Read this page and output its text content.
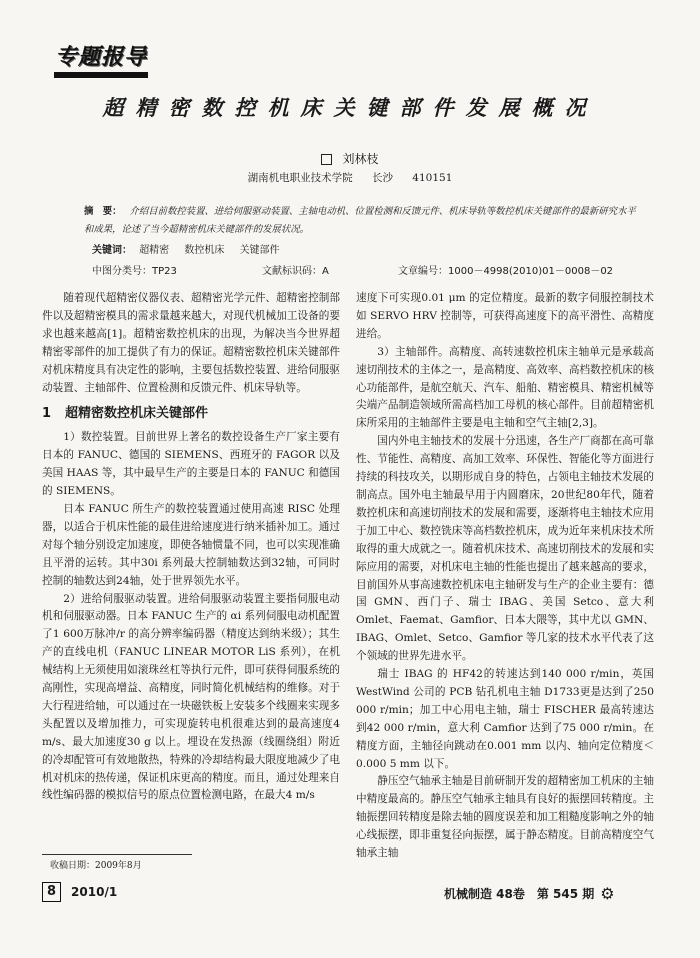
专题报导
超精密数控机床关键部件发展概况
刘林枝
湖南机电职业技术学院 长沙 410151
摘　要： 介绍目前数控装置、进给伺服驱动装置、主轴电动机、位置检测和反馈元件、机床导轨等数控机床关键部件的最新研究水平和成果，论述了当今超精密机床关键部件的发展状况。
关键词： 超精密 数控机床 关键部件
中图分类号：TP23	文献标识码：A	文章编号：1000－4998(2010)01－0008－02

随着现代超精密仪器仪表、超精密光学元件、超精密控制部件以及超精密模具的需求量越来越大，对现代机械加工设备的要求也越来越高[1]。超精密数控机床的出现，为解决当今世界超精密零部件的加工提供了有力的保证。超精密数控机床关键部件对机床精度具有决定性的影响，主要包括数控装置、进给伺服驱动装置、主轴部件、位置检测和反馈元件、机床导轨等。

1 超精密数控机床关键部件

1）数控装置。目前世界上著名的数控设备生产厂家主要有日本的 FANUC、德国的 SIEMENS、西班牙的 FAGOR 以及美国 HAAS 等，其中最早生产的主要是日本的 FANUC 和德国的 SIEMENS。

日本 FANUC 所生产的数控装置通过使用高速 RISC 处理器，以适合于机床性能的最佳进给速度进行纳米插补加工。通过对每个轴分别设定加速度，即使各轴惯量不同，也可以实现准确且平滑的运转。其中30i 系列最大控制轴数达到32轴，可同时控制的轴数达到24轴，处于世界领先水平。

2）进给伺服驱动装置。进给伺服驱动装置主要指伺服电动机和伺服驱动器。日本 FANUC 生产的 αi 系列伺服电动机配置了1 600万脉冲/r 的高分辨率编码器（精度达到纳米级）；其生产的直线电机（FANUC LINEAR MOTOR LiS 系列），在机械结构上无须使用如滚珠丝杠等执行元件，即可获得伺服系统的高刚性，实现高增益、高精度，同时简化机械结构的维修。对于大行程进给轴，可以通过在一块磁铁板上安装多个线圈来实现多头配置以及增加推力，可实现旋转电机很难达到的最高速度4 m/s、最大加速度30 g 以上。埋设在发热源（线圈绕组）附近的冷却配管可有效地散热，特殊的冷却结构最大限度地减少了电机对机床的热传递，保证机床更高的精度。而且，通过处理来自线性编码器的模拟信号的原点位置检测电路，在最大4 m/s

速度下可实现0.01 μm 的定位精度。最新的数字伺服控制技术如 SERVO HRV 控制等，可获得高速度下的高平滑性、高精度进给。

3）主轴部件。高精度、高转速数控机床主轴单元是承载高速切削技术的主体之一，是高精度、高效率、高档数控机床的核心功能部件，是航空航天、汽车、船舶、精密模具、精密机械等尖端产品制造领域所需高档加工母机的核心部件。目前超精密机床所采用的主轴部件主要是电主轴和空气主轴[2,3]。

国内外电主轴技术的发展十分迅速，各生产厂商都在高可靠性、节能性、高精度、高加工效率、环保性、智能化等方面进行持续的科技攻关，以期形成自身的特色，占领电主轴技术发展的制高点。国外电主轴最早用于内圆磨床，20世纪80年代，随着数控机床和高速切削技术的发展和需要，逐渐将电主轴技术应用于加工中心、数控铣床等高档数控机床，成为近年来机床技术所取得的重大成就之一。随着机床技术、高速切削技术的发展和实际应用的需要，对机床电主轴的性能也提出了越来越高的要求，目前国外从事高速数控机床电主轴研发与生产的企业主要有：德国 GMN、西门子、瑞士 IBAG、美国 Setco、意大利 Omlet、Faemat、Gamfior、日本大隈等，其中尤以 GMN、IBAG、Omlet、Setco、Gamfior 等几家的技术水平代表了这个领域的世界先进水平。

瑞士 IBAG 的 HF42的转速达到140 000 r/min，英国 WestWind 公司的 PCB 钻孔机电主轴 D1733更是达到了250 000 r/min；加工中心用电主轴，瑞士 FISCHER 最高转速达到42 000 r/min，意大利 Camfior 达到了75 000 r/min。在精度方面，主轴径向跳动在0.001 mm 以内、轴向定位精度＜0.000 5 mm 以下。

静压空气轴承主轴是目前研制开发的超精密加工机床的主轴中精度最高的。静压空气轴承主轴具有良好的振摆回转精度。主轴振摆回转精度是除去轴的圆度误差和加工粗糙度影响之外的轴心线振摆，即非重复径向振摆，属于静态精度。目前高精度空气轴承主轴

收稿日期：2009年8月
8	2010/1	机械制造 48卷　第 545 期 ⚙
